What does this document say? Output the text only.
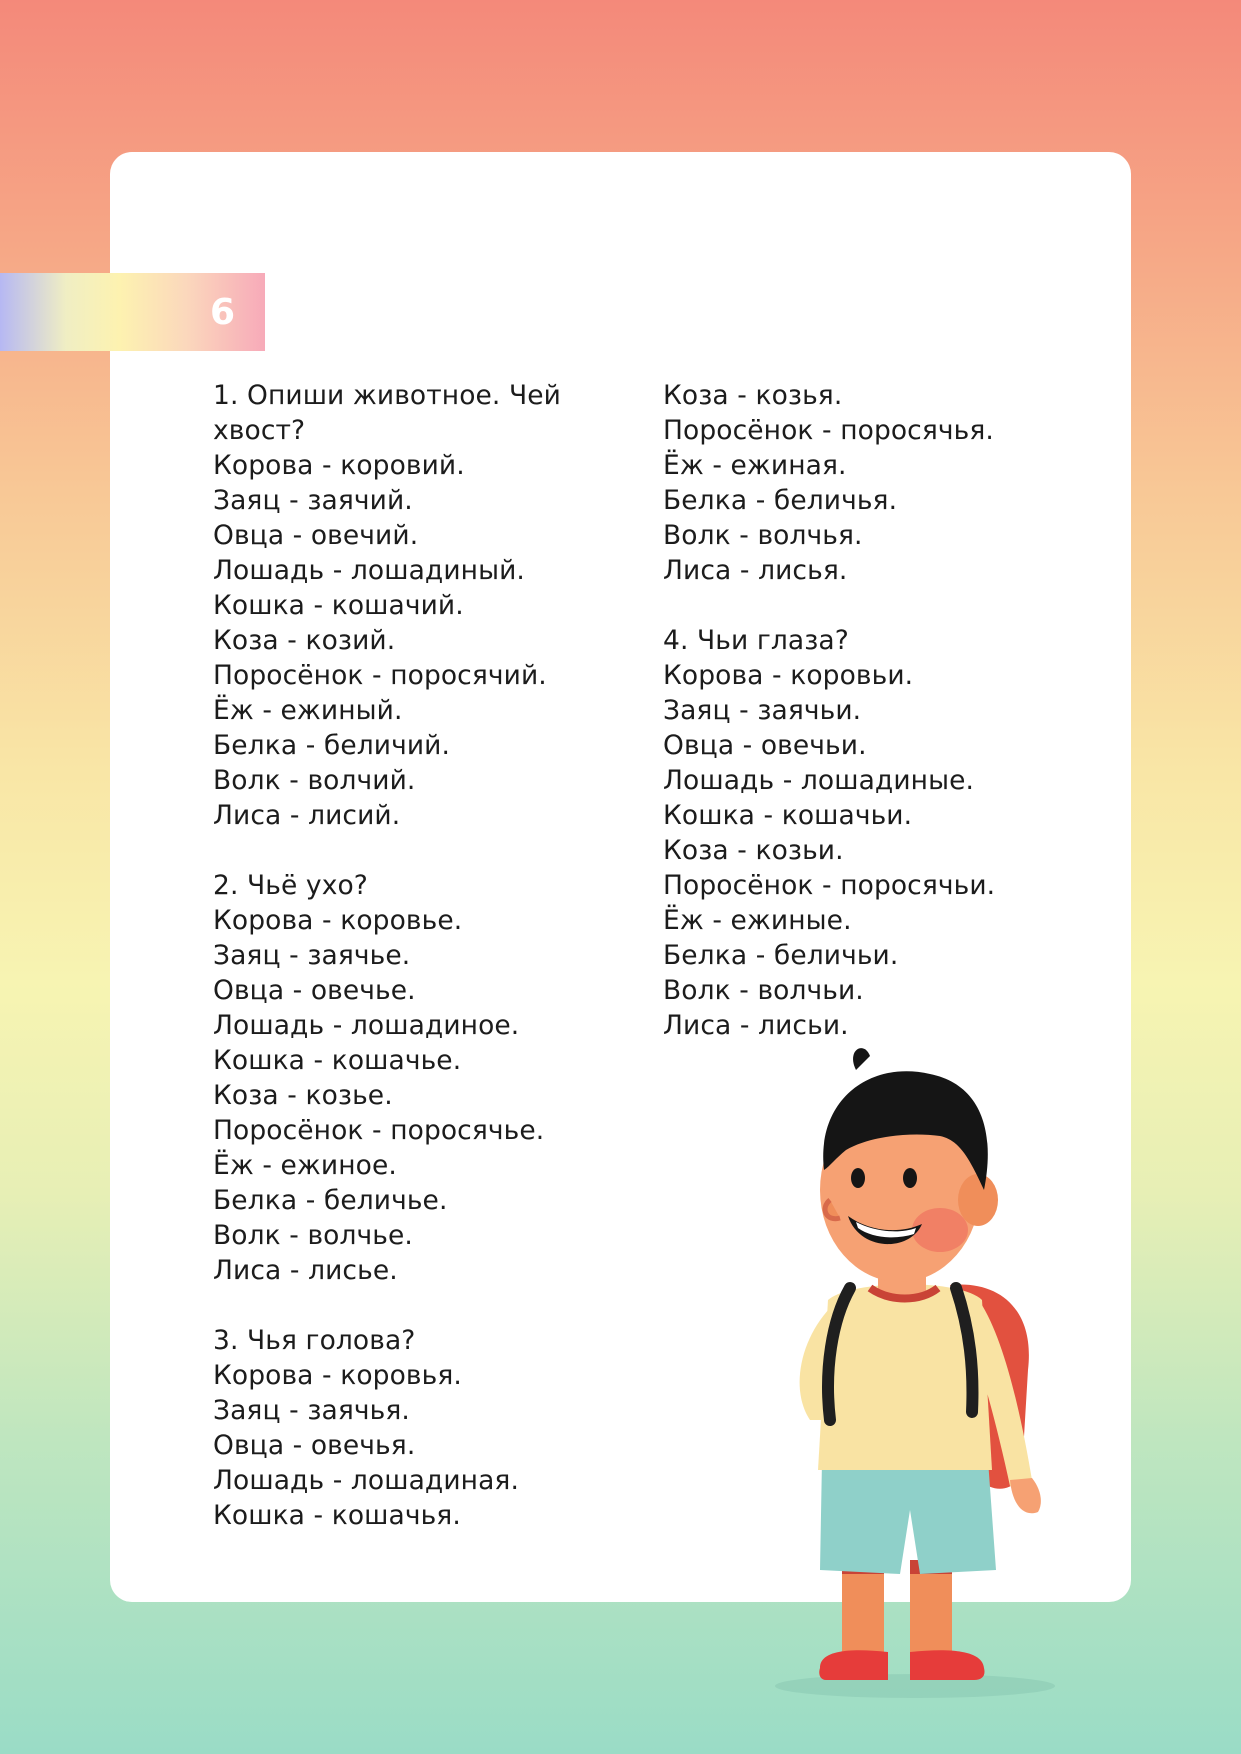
6
1. Опиши животное. Чей хвост?
Корова - коровий.
Заяц - заячий.
Овца - овечий.
Лошадь - лошадиный.
Кошка - кошачий.
Коза - козий.
Поросёнок - поросячий.
Ёж - ежиный.
Белка - беличий.
Волк - волчий.
Лиса - лисий.
2. Чьё ухо?
Корова - коровье.
Заяц - заячье.
Овца - овечье.
Лошадь - лошадиное.
Кошка - кошачье.
Коза - козье.
Поросёнок - поросячье.
Ёж - ежиное.
Белка - беличье.
Волк - волчье.
Лиса - лисье.
3. Чья голова?
Корова - коровья.
Заяц - заячья.
Овца - овечья.
Лошадь - лошадиная.
Кошка - кошачья.
Коза - козья.
Поросёнок - поросячья.
Ёж - ежиная.
Белка - беличья.
Волк - волчья.
Лиса - лисья.
4. Чьи глаза?
Корова - коровьи.
Заяц - заячьи.
Овца - овечьи.
Лошадь - лошадиные.
Кошка - кошачьи.
Коза - козьи.
Поросёнок - поросячьи.
Ёж - ежиные.
Белка - беличьи.
Волк - волчьи.
Лиса - лисьи.
